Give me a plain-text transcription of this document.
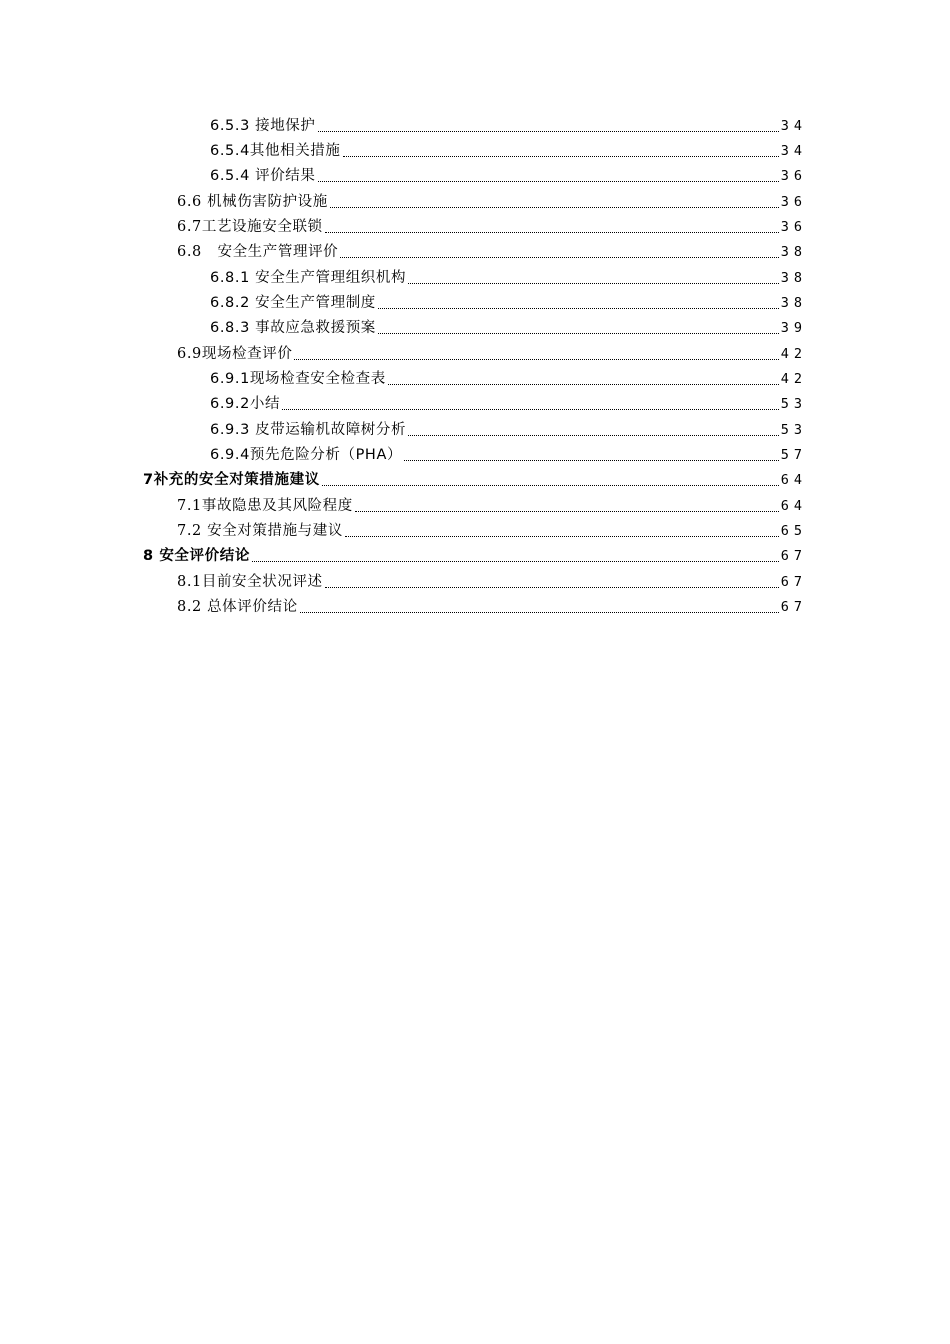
6.5.3 接地保护	34
6.5.4其他相关措施	34
6.5.4 评价结果	36
6.6 机械伤害防护设施	36
6.7工艺设施安全联锁	36
6.8   安全生产管理评价	38
6.8.1 安全生产管理组织机构	38
6.8.2 安全生产管理制度	38
6.8.3 事故应急救援预案	39
6.9现场检查评价	42
6.9.1现场检查安全检查表	42
6.9.2小结	53
6.9.3 皮带运输机故障树分析	53
6.9.4预先危险分析（PHA）	57
7补充的安全对策措施建议	64
7.1事故隐患及其风险程度	64
7.2 安全对策措施与建议	65
8 安全评价结论	67
8.1目前安全状况评述	67
8.2 总体评价结论	67
